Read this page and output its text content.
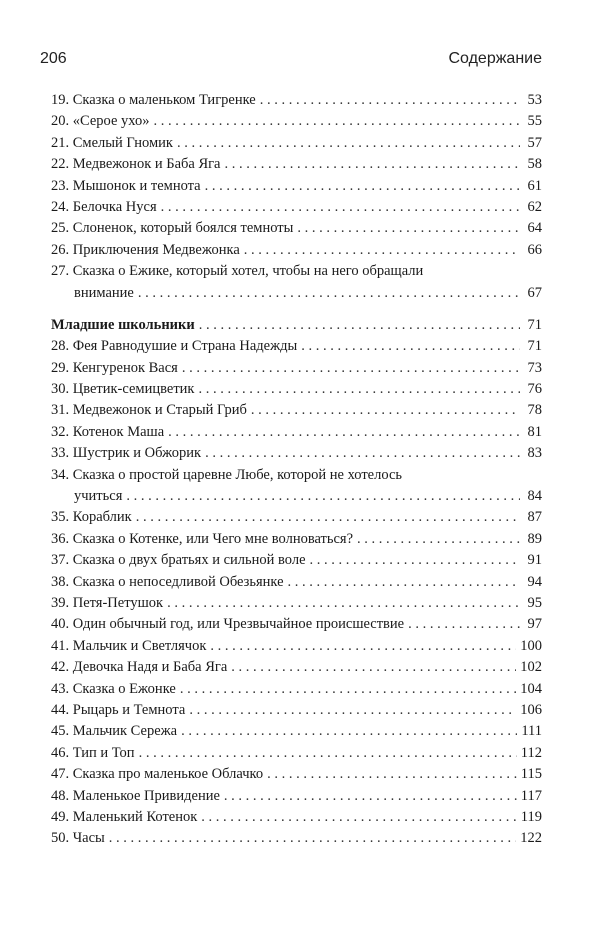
206	Содержание
19. Сказка о маленьком Тигренке . . .	53
20. «Серое ухо» . . .	55
21. Смелый Гномик . . .	57
22. Медвежонок и Баба Яга . . .	58
23. Мышонок и темнота . . .	61
24. Белочка Нуся . . .	62
25. Слоненок, который боялся темноты . . .	64
26. Приключения Медвежонка . . .	66
27. Сказка о Ежике, который хотел, чтобы на него обращали
внимание . . .	67
Младшие школьники . . .	71
28. Фея Равнодушие и Страна Надежды . . .	71
29. Кенгуренок Вася . . .	73
30. Цветик-семицветик . . .	76
31. Медвежонок и Старый Гриб . . .	78
32. Котенок Маша . . .	81
33. Шустрик и Обжорик . . .	83
34. Сказка о простой царевне Любе, которой не хотелось
учиться . . .	84
35. Кораблик . . .	87
36. Сказка о Котенке, или Чего мне волноваться? . . .	89
37. Сказка о двух братьях и сильной воле . . .	91
38. Сказка о непоседливой Обезьянке . . .	94
39. Петя-Петушок . . .	95
40. Один обычный год, или Чрезвычайное происшествие . . .	97
41. Мальчик и Светлячок . . .	100
42. Девочка Надя и Баба Яга . . .	102
43. Сказка о Ежонке . . .	104
44. Рыцарь и Темнота . . .	106
45. Мальчик Сережа . . .	111
46. Тип и Топ . . .	112
47. Сказка про маленькое Облачко . . .	115
48. Маленькое Привидение . . .	117
49. Маленький Котенок . . .	119
50. Часы . . .	122
